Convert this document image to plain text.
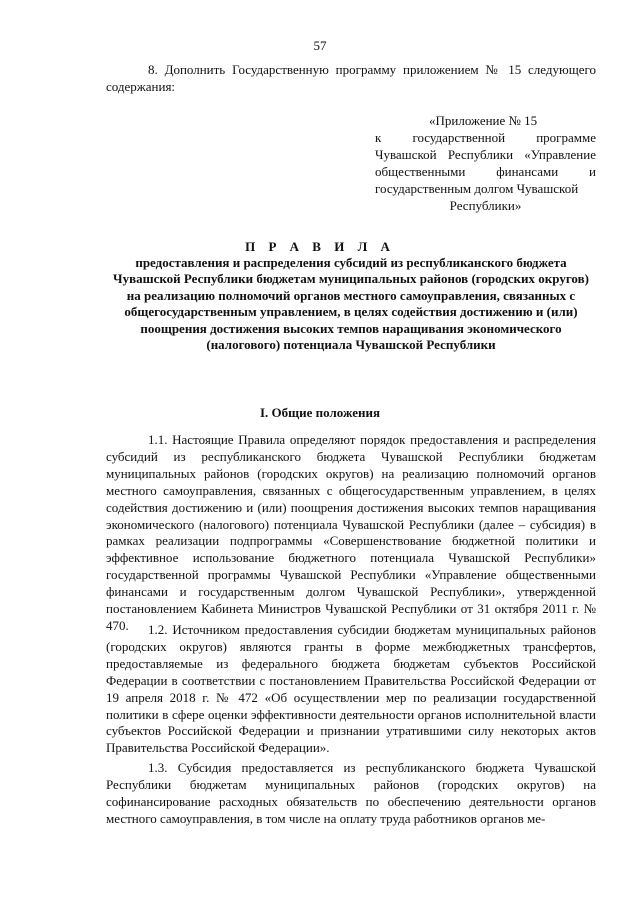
57

8. Дополнить Государственную программу приложением № 15 следующего содержания:

«Приложение № 15
к государственной программе Чувашской Республики «Управление общественными финансами и государственным долгом Чувашской
Республики»
П Р А В И Л А
предоставления и распределения субсидий из республиканского бюджета Чувашской Республики бюджетам муниципальных районов (городских округов) на реализацию полномочий органов местного самоуправления, связанных с общегосударственным управлением, в целях содействия достижению и (или) поощрения достижения высоких темпов наращивания экономического (налогового) потенциала Чувашской Республики
I. Общие положения

1.1. Настоящие Правила определяют порядок предоставления и распределения субсидий из республиканского бюджета Чувашской Республики бюджетам муниципальных районов (городских округов) на реализацию полномочий органов местного самоуправления, связанных с общегосударственным управлением, в целях содействия достижению и (или) поощрения достижения высоких темпов наращивания экономического (налогового) потенциала Чувашской Республики (далее – субсидия) в рамках реализации подпрограммы «Совершенствование бюджетной политики и эффективное использование бюджетного потенциала Чувашской Республики» государственной программы Чувашской Республики «Управление общественными финансами и государственным долгом Чувашской Республики», утвержденной постановлением Кабинета Министров Чувашской Республики от 31 октября 2011 г. № 470.	1.2. Источником предоставления субсидии бюджетам муниципальных районов (городских округов) являются гранты в форме межбюджетных трансфертов, предоставляемые из федерального бюджета бюджетам субъектов Российской Федерации в соответствии с постановлением Правительства Российской Федерации от 19 апреля 2018 г. № 472 «Об осуществлении мер по реализации государственной политики в сфере оценки эффективности деятельности органов исполнительной власти субъектов Российской Федерации и признании утратившими силу некоторых актов Правительства Российской Федерации».

1.3. Субсидия предоставляется из республиканского бюджета Чувашской Республики бюджетам муниципальных районов (городских округов) на софинансирование расходных обязательств по обеспечению деятельности органов местного самоуправления, в том числе на оплату труда работников органов ме-
